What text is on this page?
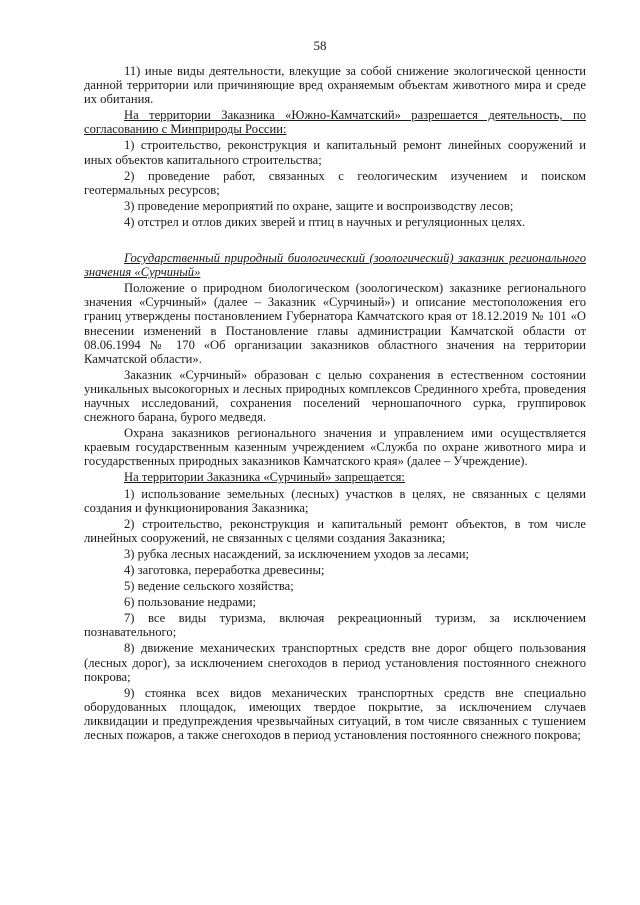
58

11) иные виды деятельности, влекущие за собой снижение экологической ценности данной территории или причиняющие вред охраняемым объектам животного мира и среде их обитания.

На территории Заказника «Южно-Камчатский» разрешается деятельность, по согласованию с Минприроды России:

1) строительство, реконструкция и капитальный ремонт линейных сооружений и иных объектов капитального строительства;

2) проведение работ, связанных с геологическим изучением и поиском геотермальных ресурсов;

3) проведение мероприятий по охране, защите и воспроизводству лесов;

4) отстрел и отлов диких зверей и птиц в научных и регуляционных целях.

Государственный природный биологический (зоологический) заказник регионального значения «Сурчиный»

Положение о природном биологическом (зоологическом) заказнике регионального значения «Сурчиный» (далее – Заказник «Сурчиный») и описание местоположения его границ утверждены постановлением Губернатора Камчатского края от 18.12.2019 № 101 «О внесении изменений в Постановление главы администрации Камчатской области от 08.06.1994 № 170 «Об организации заказников областного значения на территории Камчатской области».

Заказник «Сурчиный» образован с целью сохранения в естественном состоянии уникальных высокогорных и лесных природных комплексов Срединного хребта, проведения научных исследований, сохранения поселений черношапочного сурка, группировок снежного барана, бурого медведя.

Охрана заказников регионального значения и управлением ими осуществляется краевым государственным казенным учреждением «Служба по охране животного мира и государственных природных заказников Камчатского края» (далее – Учреждение).

На территории Заказника «Сурчиный» запрещается:

1) использование земельных (лесных) участков в целях, не связанных с целями создания и функционирования Заказника;

2) строительство, реконструкция и капитальный ремонт объектов, в том числе линейных сооружений, не связанных с целями создания Заказника;

3) рубка лесных насаждений, за исключением уходов за лесами;

4) заготовка, переработка древесины;

5) ведение сельского хозяйства;

6) пользование недрами;

7) все виды туризма, включая рекреационный туризм, за исключением познавательного;

8) движение механических транспортных средств вне дорог общего пользования (лесных дорог), за исключением снегоходов в период установления постоянного снежного покрова;

9) стоянка всех видов механических транспортных средств вне специально оборудованных площадок, имеющих твердое покрытие, за исключением случаев ликвидации и предупреждения чрезвычайных ситуаций, в том числе связанных с тушением лесных пожаров, а также снегоходов в период установления постоянного снежного покрова;
